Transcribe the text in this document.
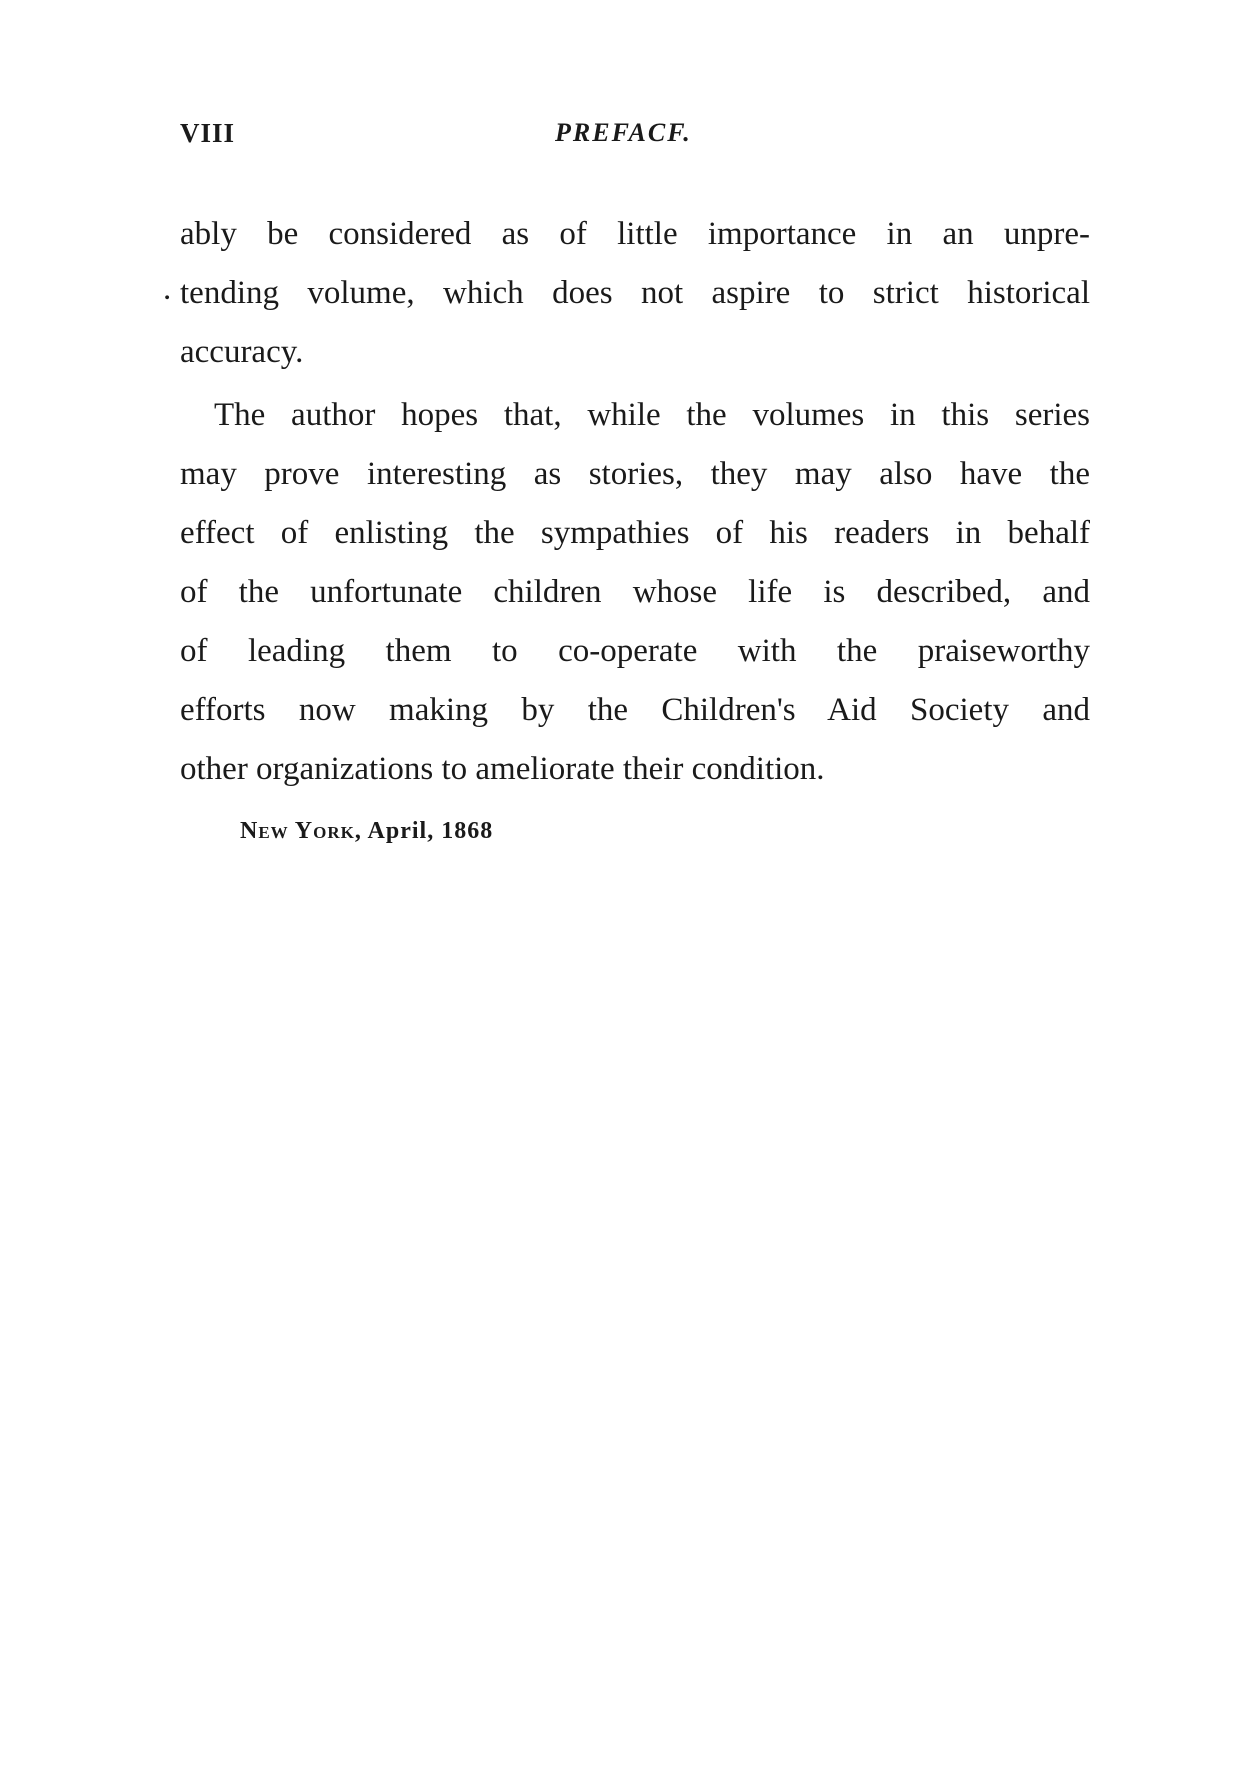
VIII	PREFACF.
.
ably be considered as of little importance in an unpre-
tending volume, which does not aspire to strict historical
accuracy.
The author hopes that, while the volumes in this series
may prove interesting as stories, they may also have the
effect of enlisting the sympathies of his readers in behalf
of the unfortunate children whose life is described, and
of leading them to co-operate with the praiseworthy
efforts now making by the Children's Aid Society and
other organizations to ameliorate their condition.
New York, April, 1868
